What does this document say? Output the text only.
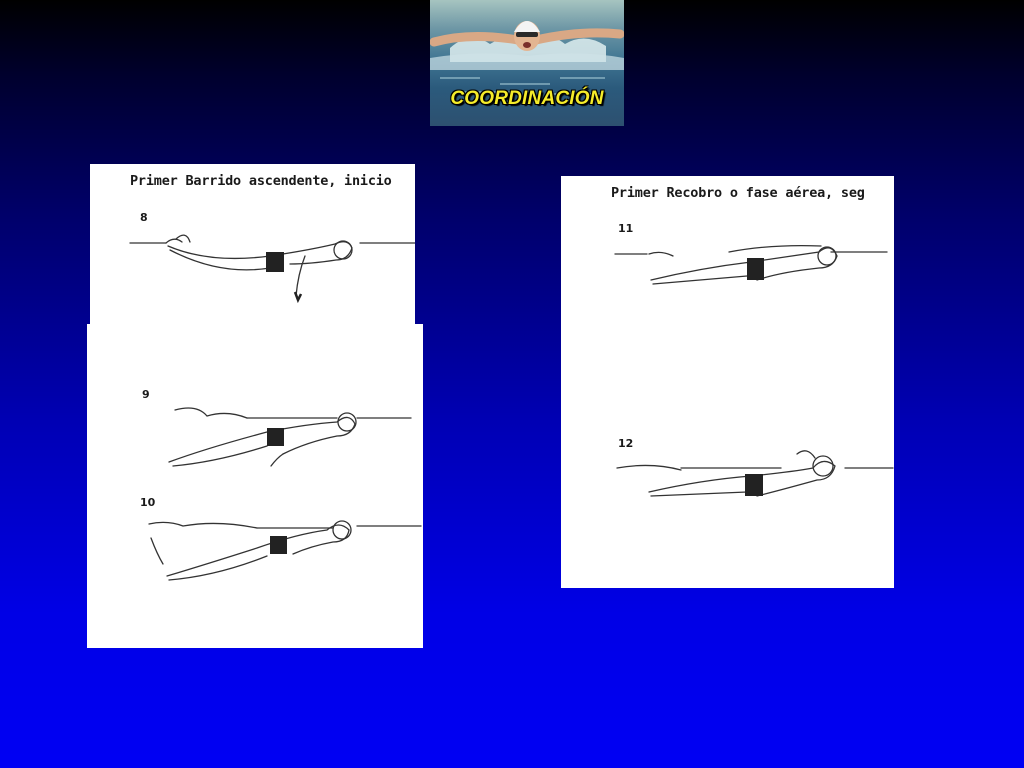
COORDINACIÓN
Primer Barrido ascendente, inicio
8
9
10
Primer Recobro o fase aérea, seg
11
12
